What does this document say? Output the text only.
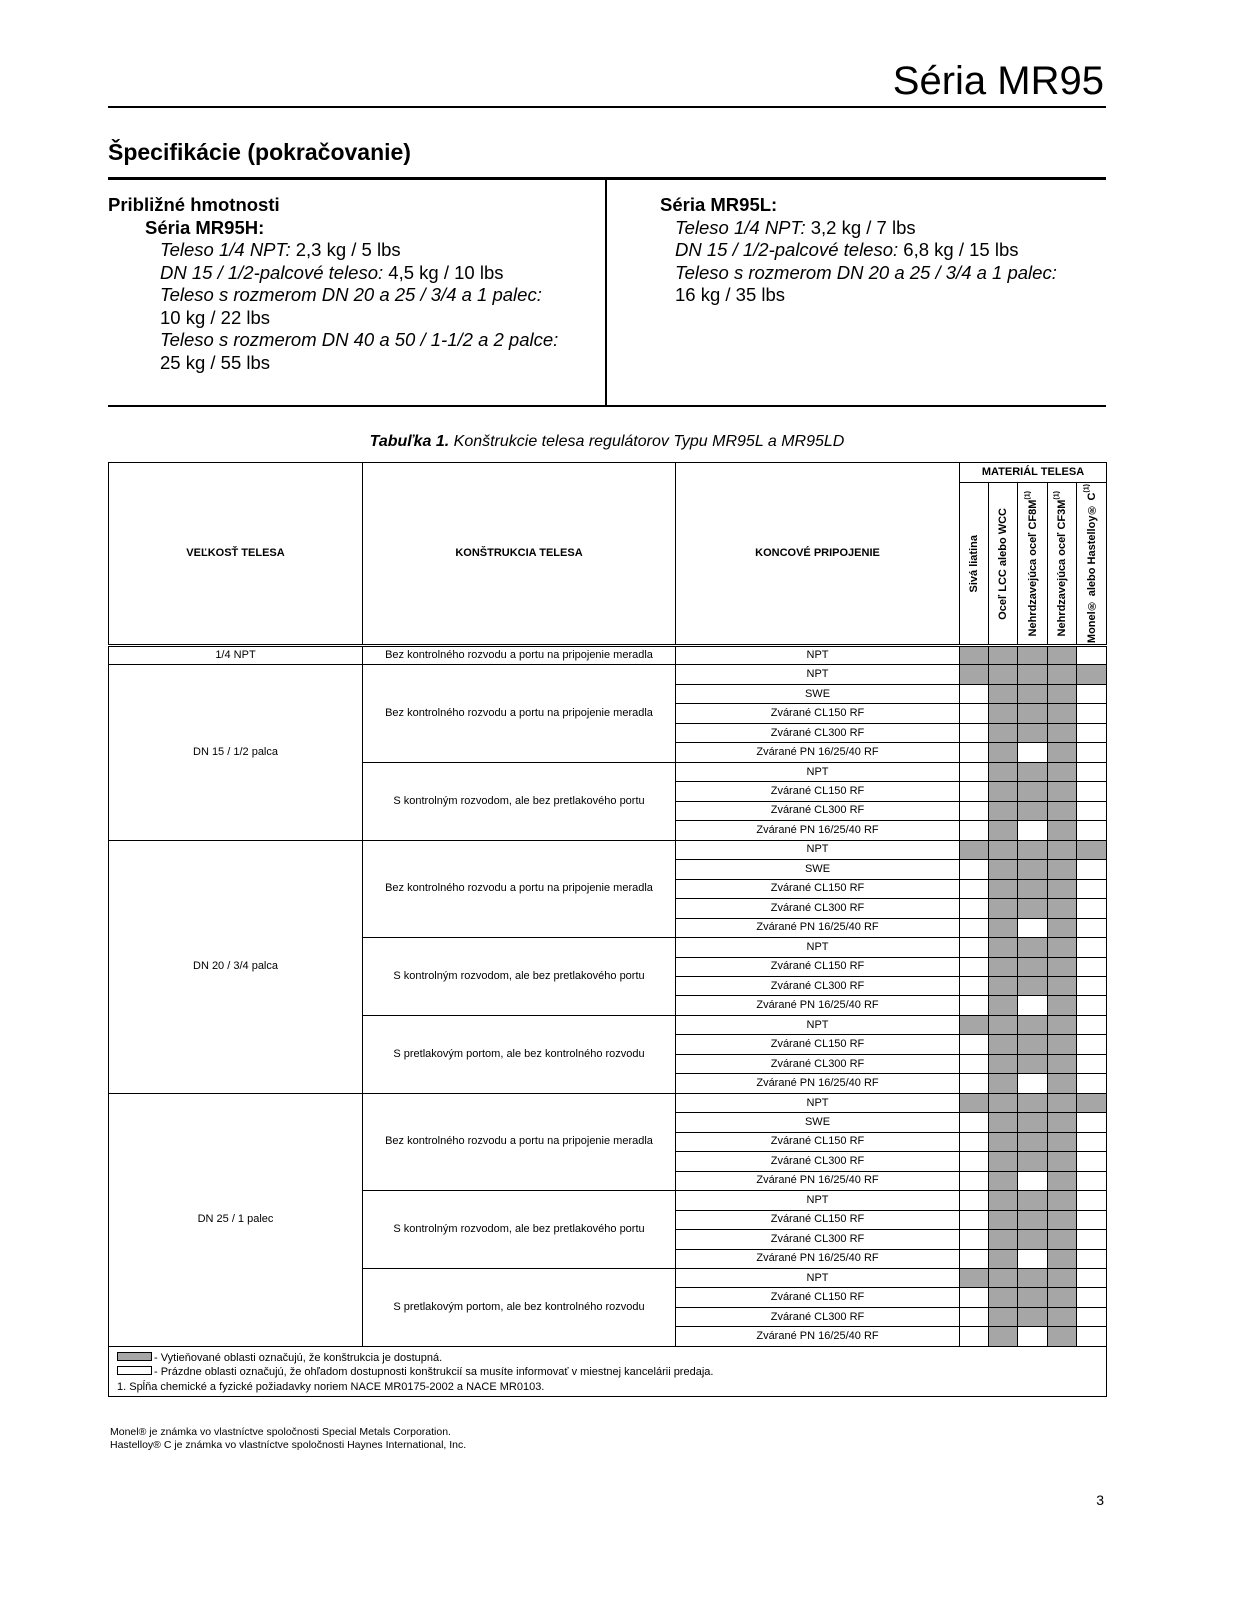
Séria MR95
Špecifikácie (pokračovanie)
Približné hmotnosti
Séria MR95H:
Teleso 1/4 NPT: 2,3 kg / 5 lbs
DN 15 / 1/2-palcové teleso: 4,5 kg / 10 lbs
Teleso s rozmerom DN 20 a 25 / 3/4 a 1 palec:
10 kg / 22 lbs
Teleso s rozmerom DN 40 a 50 / 1-1/2 a 2 palce:
25 kg / 55 lbs
Séria MR95L:
Teleso 1/4 NPT: 3,2 kg / 7 lbs
DN 15 / 1/2-palcové teleso: 6,8 kg / 15 lbs
Teleso s rozmerom DN 20 a 25 / 3/4 a 1 palec:
16 kg / 35 lbs
Tabuľka 1. Konštrukcie telesa regulátorov Typu MR95L a MR95LD
VEĽKOSŤ TELESA	KONŠTRUKCIA TELESA	KONCOVÉ PRIPOJENIE	MATERIÁL TELESA				

			Sivá liatina	Oceľ LCC alebo WCC	Nehrdzavejúca oceľ $CF8M^{(1)}$	Nehrdzavejúca oceľ $CF3M^{(1)}$	Monel® alebo Hastelloy® $C^{(1)}$

1/4 NPT	Bez kontrolného rozvodu a portu na pripojenie meradla	NPT					
DN 15 / 1/2 palca	Bez kontrolného rozvodu a portu na pripojenie meradla	NPT					
		SWE					
		Zvárané CL150 RF					
		Zvárané CL300 RF					
		Zvárané PN 16/25/40 RF					
	S kontrolným rozvodom, ale bez pretlakového portu	NPT					
		Zvárané CL150 RF					
		Zvárané CL300 RF					
		Zvárané PN 16/25/40 RF					
DN 20 / 3/4 palca	Bez kontrolného rozvodu a portu na pripojenie meradla	NPT					
		SWE					
		Zvárané CL150 RF					
		Zvárané CL300 RF					
		Zvárané PN 16/25/40 RF					
	S kontrolným rozvodom, ale bez pretlakového portu	NPT					
		Zvárané CL150 RF					
		Zvárané CL300 RF					
		Zvárané PN 16/25/40 RF					
	S pretlakovým portom, ale bez kontrolného rozvodu	NPT					
		Zvárané CL150 RF					
		Zvárané CL300 RF					
		Zvárané PN 16/25/40 RF					
DN 25 / 1 palec	Bez kontrolného rozvodu a portu na pripojenie meradla	NPT					
		SWE					
		Zvárané CL150 RF					
		Zvárané CL300 RF					
		Zvárané PN 16/25/40 RF					
	S kontrolným rozvodom, ale bez pretlakového portu	NPT					
		Zvárané CL150 RF					
		Zvárané CL300 RF					
		Zvárané PN 16/25/40 RF					
	S pretlakovým portom, ale bez kontrolného rozvodu	NPT					
		Zvárané CL150 RF					
		Zvárané CL300 RF					
		Zvárané PN 16/25/40 RF					

- Vytieňované oblasti označujú, že konštrukcia je dostupná.
- Prázdne oblasti označujú, že ohľadom dostupnosti konštrukcií sa musíte informovať v miestnej kancelárii predaja.
1. Spĺňa chemické a fyzické požiadavky noriem NACE MR0175-2002 a NACE MR0103.							
Monel® je známka vo vlastníctve spoločnosti Special Metals Corporation.
Hastelloy® C je známka vo vlastníctve spoločnosti Haynes International, Inc.
3
